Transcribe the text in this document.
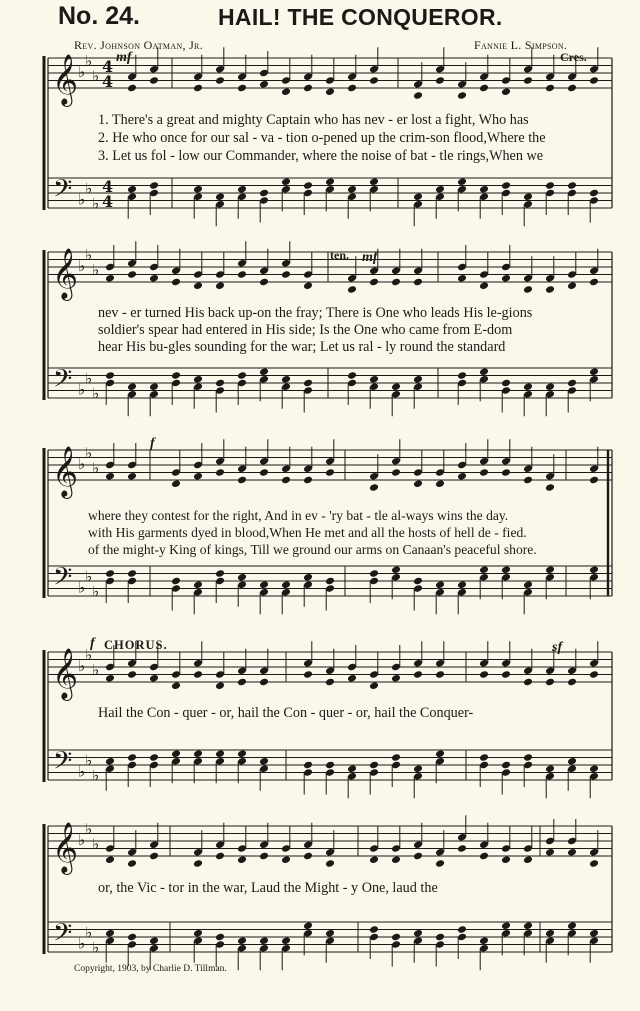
No. 24.	HAIL! THE CONQUEROR.
Rev. Johnson Oatman, Jr.	Fannie L. Simpson.
𝄞
𝄢
♭
♭
♭
♭
♭
♭
4
4
4
4
𝄞
𝄢
♭
♭
♭
♭
♭
♭
𝄞
𝄢
♭
♭
♭
♭
♭
♭
𝄞
𝄢
♭
♭
♭
♭
♭
♭
𝄞
𝄢
♭
♭
♭
♭
♭
♭
mf	Cres.
ten. mf
f
f CHORUS.	sf
1. There's a great and mighty Captain who has nev - er lost a fight, Who has
2. He who once for our sal - va - tion o-pened up the crim-son flood,Where the
3. Let us fol - low our Commander, where the noise of bat - tle rings,When we
nev - er turned His back up-on the fray; There is One who leads His le-gions
soldier's spear had entered in His side; Is the One who came from E-dom
hear His bu-gles sounding for the war; Let us ral - ly round the standard
where they contest for the right, And in ev - 'ry bat - tle al-ways wins the day.
with His garments dyed in blood,When He met and all the hosts of hell de - fied.
of the might-y King of kings, Till we ground our arms on Canaan's peaceful shore.
Hail the Con - quer - or, hail the Con - quer - or, hail the Conquer-
or, the Vic - tor in the war, Laud the Might - y One, laud the
Copyright, 1903, by Charlie D. Tillman.
